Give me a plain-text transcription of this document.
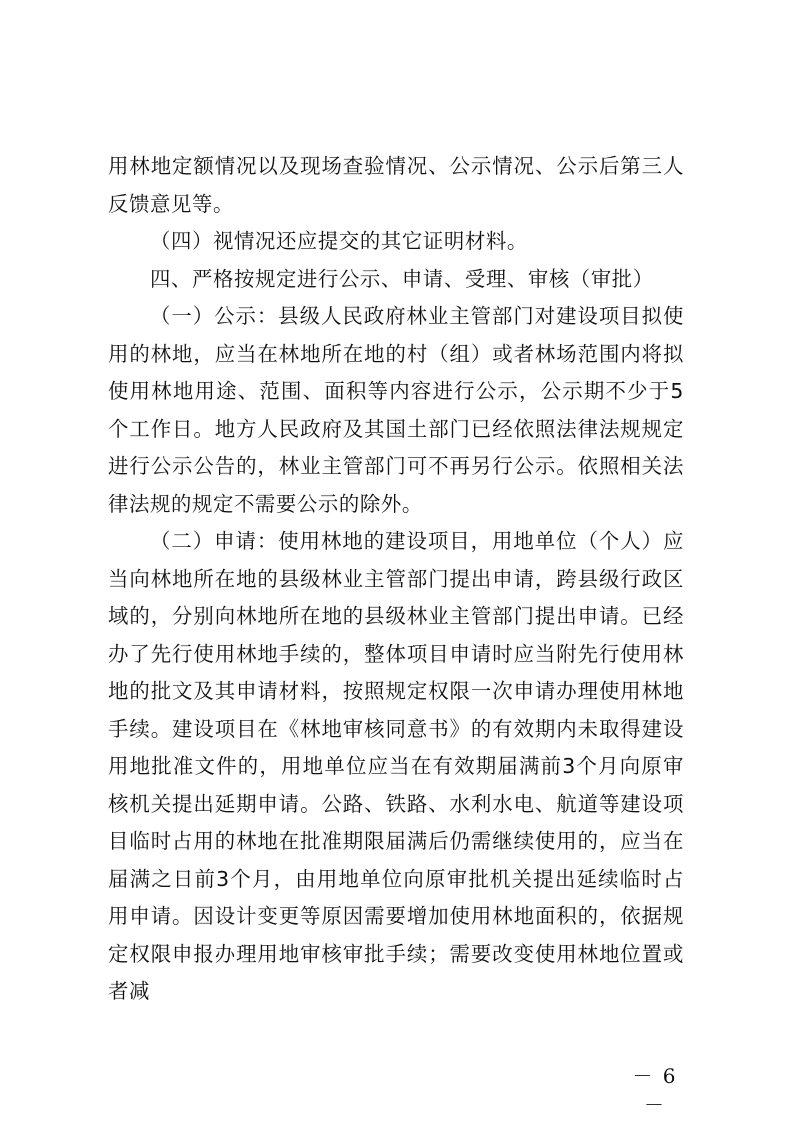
用林地定额情况以及现场查验情况、公示情况、公示后第三人反馈意见等。

（四）视情况还应提交的其它证明材料。

四、严格按规定进行公示、申请、受理、审核（审批）

（一）公示：县级人民政府林业主管部门对建设项目拟使用的林地，应当在林地所在地的村（组）或者林场范围内将拟使用林地用途、范围、面积等内容进行公示，公示期不少于5个工作日。地方人民政府及其国土部门已经依照法律法规规定进行公示公告的，林业主管部门可不再另行公示。依照相关法律法规的规定不需要公示的除外。

（二）申请：使用林地的建设项目，用地单位（个人）应当向林地所在地的县级林业主管部门提出申请，跨县级行政区域的，分别向林地所在地的县级林业主管部门提出申请。已经办了先行使用林地手续的，整体项目申请时应当附先行使用林地的批文及其申请材料，按照规定权限一次申请办理使用林地手续。建设项目在《林地审核同意书》的有效期内未取得建设用地批准文件的，用地单位应当在有效期届满前3个月向原审核机关提出延期申请。公路、铁路、水利水电、航道等建设项目临时占用的林地在批准期限届满后仍需继续使用的，应当在届满之日前3个月，由用地单位向原审批机关提出延续临时占用申请。因设计变更等原因需要增加使用林地面积的，依据规定权限申报办理用地审核审批手续；需要改变使用林地位置或者减

－ 6 －
